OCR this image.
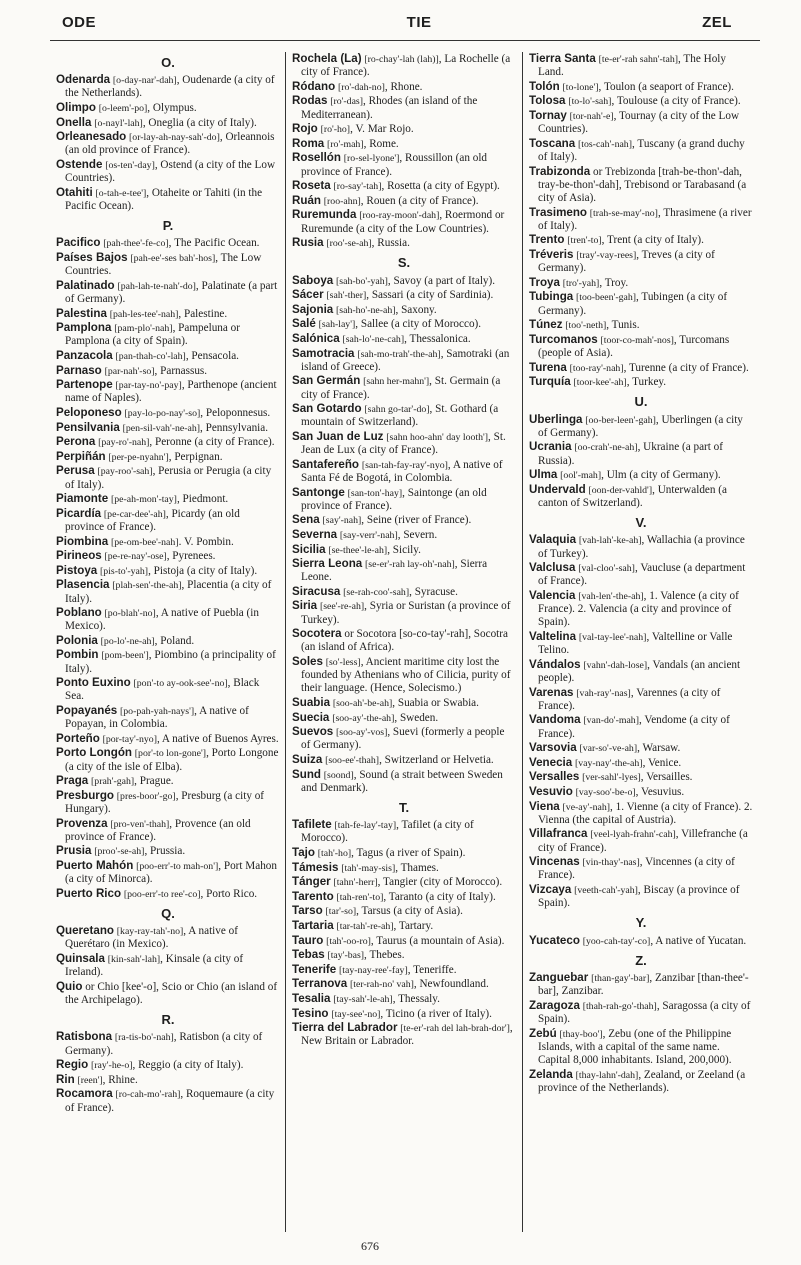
ODE	TIE	ZEL
O.
Odenarda [o-day-nar'-dah], Oudenarde (a city of the Netherlands).
Olimpo [o-leem'-po], Olympus.
Onella [o-nayl'-lah], Oneglia (a city of Italy).
Orleanesado [or-lay-ah-nay-sah'-do], Orleannois (an old province of France).
Ostende [os-ten'-day], Ostend (a city of the Low Countries).
Otahiti [o-tah-e-tee'], Otaheite or Tahiti (in the Pacific Ocean).
P.
Pacifico [pah-thee'-fe-co], The Pacific Ocean.
Países Bajos [pah-ee'-ses bah'-hos], The Low Countries.
Palatinado [pah-lah-te-nah'-do], Palatinate (a part of Germany).
Palestina [pah-les-tee'-nah], Palestine.
Pamplona [pam-plo'-nah], Pampeluna or Pamplona (a city of Spain).
Panzacola [pan-thah-co'-lah], Pensacola.
Parnaso [par-nah'-so], Parnassus.
Partenope [par-tay-no'-pay], Parthenope (ancient name of Naples).
Peloponeso [pay-lo-po-nay'-so], Peloponnesus.
Pensilvania [pen-sil-vah'-ne-ah], Pennsylvania.
Perona [pay-ro'-nah], Peronne (a city of France).
Perpiñán [per-pe-nyahn'], Perpignan.
Perusa [pay-roo'-sah], Perusia or Perugia (a city of Italy).
Piamonte [pe-ah-mon'-tay], Piedmont.
Picardía [pe-car-dee'-ah], Picardy (an old province of France).
Piombina [pe-om-bee'-nah]. V. Pombin.
Pirineos [pe-re-nay'-ose], Pyrenees.
Pistoya [pis-to'-yah], Pistoja (a city of Italy).
Plasencia [plah-sen'-the-ah], Placentia (a city of Italy).
Poblano [po-blah'-no], A native of Puebla (in Mexico).
Polonia [po-lo'-ne-ah], Poland.
Pombin [pom-been'], Piombino (a principality of Italy).
Ponto Euxino [pon'-to ay-ook-see'-no], Black Sea.
Popayanés [po-pah-yah-nays'], A native of Popayan, in Colombia.
Porteño [por-tay'-nyo], A native of Buenos Ayres.
Porto Longón [por'-to lon-gone'], Porto Longone (a city of the isle of Elba).
Praga [prah'-gah], Prague.
Presburgo [pres-boor'-go], Presburg (a city of Hungary).
Provenza [pro-ven'-thah], Provence (an old province of France).
Prusia [proo'-se-ah], Prussia.
Puerto Mahón [poo-err'-to mah-on'], Port Mahon (a city of Minorca).
Puerto Rico [poo-err'-to ree'-co], Porto Rico.
Q.
Queretano [kay-ray-tah'-no], A native of Querétaro (in Mexico).
Quinsala [kin-sah'-lah], Kinsale (a city of Ireland).
Quio or Chio [kee'-o], Scio or Chio (an island of the Archipelago).
R.
Ratisbona [ra-tis-bo'-nah], Ratisbon (a city of Germany).
Regio [ray'-he-o], Reggio (a city of Italy).
Rin [reen'], Rhine.
Rocamora [ro-cah-mo'-rah], Roquemaure (a city of France).
Rochela (La) [ro-chay'-lah (lah)], La Rochelle (a city of France).
Ródano [ro'-dah-no], Rhone.
Rodas [ro'-das], Rhodes (an island of the Mediterranean).
Rojo [ro'-ho], V. Mar Rojo.
Roma [ro'-mah], Rome.
Rosellón [ro-sel-lyone'], Roussillon (an old province of France).
Roseta [ro-say'-tah], Rosetta (a city of Egypt).
Ruán [roo-ahn], Rouen (a city of France).
Ruremunda [roo-ray-moon'-dah], Roermond or Ruremunde (a city of the Low Countries).
Rusia [roo'-se-ah], Russia.
S.
Saboya [sah-bo'-yah], Savoy (a part of Italy).
Sácer [sah'-ther], Sassari (a city of Sardinia).
Sajonia [sah-ho'-ne-ah], Saxony.
Salé [sah-lay'], Sallee (a city of Morocco).
Salónica [sah-lo'-ne-cah], Thessalonica.
Samotracia [sah-mo-trah'-the-ah], Samotraki (an island of Greece).
San Germán [sahn her-mahn'], St. Germain (a city of France).
San Gotardo [sahn go-tar'-do], St. Gothard (a mountain of Switzerland).
San Juan de Luz [sahn hoo-ahn' day looth'], St. Jean de Lux (a city of France).
Santafereño [san-tah-fay-ray'-nyo], A native of Santa Fé de Bogotá, in Colombia.
Santonge [san-ton'-hay], Saintonge (an old province of France).
Sena [say'-nah], Seine (river of France).
Severna [say-verr'-nah], Severn.
Sicilia [se-thee'-le-ah], Sicily.
Sierra Leona [se-er'-rah lay-oh'-nah], Sierra Leone.
Siracusa [se-rah-coo'-sah], Syracuse.
Siria [see'-re-ah], Syria or Suristan (a province of Turkey).
Socotera or Socotora [so-co-tay'-rah], Socotra (an island of Africa).
Soles [so'-less], Ancient maritime city lost the founded by Athenians who of Cilicia, purity of their language. (Hence, Solecismo.)
Suabia [soo-ah'-be-ah], Suabia or Swabia.
Suecia [soo-ay'-the-ah], Sweden.
Suevos [soo-ay'-vos], Suevi (formerly a people of Germany).
Suiza [soo-ee'-thah], Switzerland or Helvetia.
Sund [soond], Sound (a strait between Sweden and Denmark).
T.
Tafilete [tah-fe-lay'-tay], Tafilet (a city of Morocco).
Tajo [tah'-ho], Tagus (a river of Spain).
Támesis [tah'-may-sis], Thames.
Tánger [tahn'-herr], Tangier (city of Morocco).
Tarento [tah-ren'-to], Taranto (a city of Italy).
Tarso [tar'-so], Tarsus (a city of Asia).
Tartaria [tar-tah'-re-ah], Tartary.
Tauro [tah'-oo-ro], Taurus (a mountain of Asia).
Tebas [tay'-bas], Thebes.
Tenerife [tay-nay-ree'-fay], Teneriffe.
Terranova [ter-rah-no' vah], Newfoundland.
Tesalia [tay-sah'-le-ah], Thessaly.
Tesino [tay-see'-no], Ticino (a river of Italy).
Tierra del Labrador [te-er'-rah del lah-brah-dor'], New Britain or Labrador.
Tierra Santa [te-er'-rah sahn'-tah], The Holy Land.
Tolón [to-lone'], Toulon (a seaport of France).
Tolosa [to-lo'-sah], Toulouse (a city of France).
Tornay [tor-nah'-e], Tournay (a city of the Low Countries).
Toscana [tos-cah'-nah], Tuscany (a grand duchy of Italy).
Trabizonda or Trebizonda [trah-be-thon'-dah, tray-be-thon'-dah], Trebisond or Tarabasand (a city of Asia).
Trasimeno [trah-se-may'-no], Thrasimene (a river of Italy).
Trento [tren'-to], Trent (a city of Italy).
Tréveris [tray'-vay-rees], Treves (a city of Germany).
Troya [tro'-yah], Troy.
Tubinga [too-been'-gah], Tubingen (a city of Germany).
Túnez [too'-neth], Tunis.
Turcomanos [toor-co-mah'-nos], Turcomans (people of Asia).
Turena [too-ray'-nah], Turenne (a city of France).
Turquía [toor-kee'-ah], Turkey.
U.
Uberlinga [oo-ber-leen'-gah], Uberlingen (a city of Germany).
Ucrania [oo-crah'-ne-ah], Ukraine (a part of Russia).
Ulma [ool'-mah], Ulm (a city of Germany).
Undervald [oon-der-vahld'], Unterwalden (a canton of Switzerland).
V.
Valaquia [vah-lah'-ke-ah], Wallachia (a province of Turkey).
Valclusa [val-cloo'-sah], Vaucluse (a department of France).
Valencia [vah-len'-the-ah], 1. Valence (a city of France). 2. Valencia (a city and province of Spain).
Valtelina [val-tay-lee'-nah], Valtelline or Valle Telino.
Vándalos [vahn'-dah-lose], Vandals (an ancient people).
Varenas [vah-ray'-nas], Varennes (a city of France).
Vandoma [van-do'-mah], Vendome (a city of France).
Varsovia [var-so'-ve-ah], Warsaw.
Venecia [vay-nay'-the-ah], Venice.
Versalles [ver-sahl'-lyes], Versailles.
Vesuvio [vay-soo'-be-o], Vesuvius.
Viena [ve-ay'-nah], 1. Vienne (a city of France). 2. Vienna (the capital of Austria).
Villafranca [veel-lyah-frahn'-cah], Villefranche (a city of France).
Vincenas [vin-thay'-nas], Vincennes (a city of France).
Vizcaya [veeth-cah'-yah], Biscay (a province of Spain).
Y.
Yucateco [yoo-cah-tay'-co], A native of Yucatan.
Z.
Zanguebar [than-gay'-bar], Zanzibar [than-thee'-bar], Zanzibar.
Zaragoza [thah-rah-go'-thah], Saragossa (a city of Spain).
Zebú [thay-boo'], Zebu (one of the Philippine Islands, with a capital of the same name. Capital 8,000 inhabitants. Island, 200,000).
Zelanda [thay-lahn'-dah], Zealand, or Zeeland (a province of the Netherlands).
676
